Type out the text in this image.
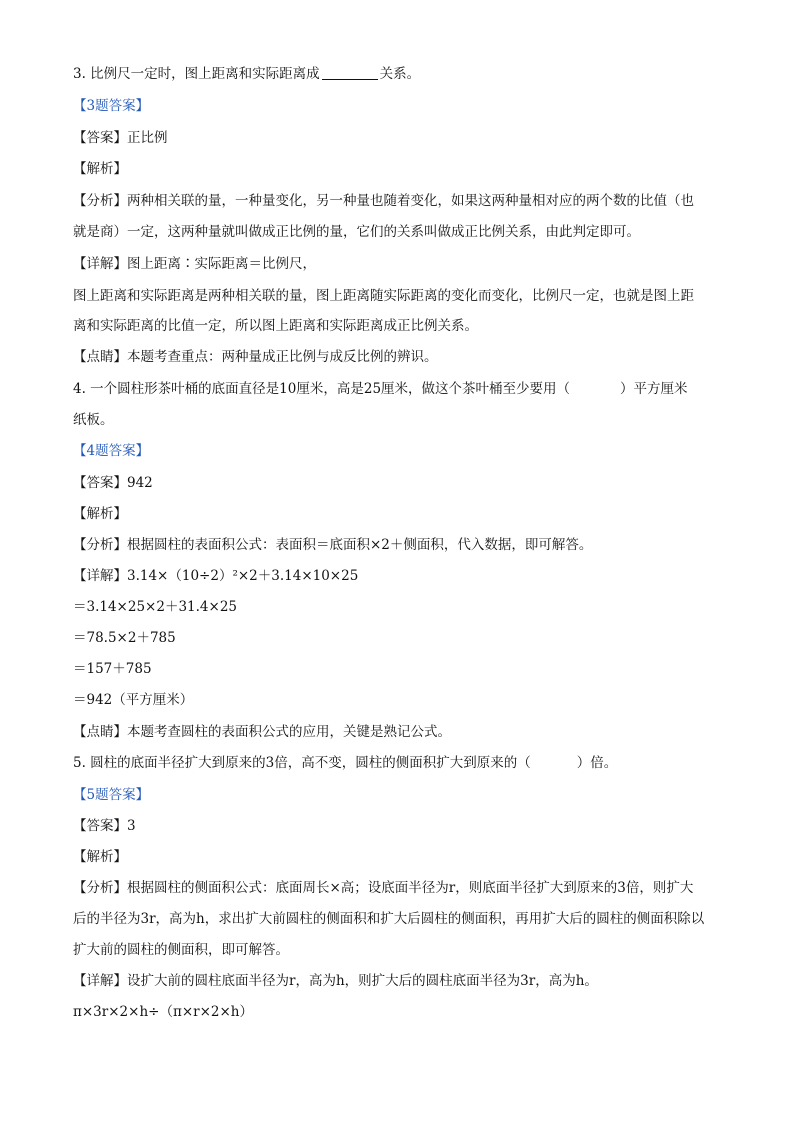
3. 比例尺一定时，图上距离和实际距离成	关系。
【3题答案】
【答案】正比例
【解析】
【分析】两种相关联的量，一种量变化，另一种量也随着变化，如果这两种量相对应的两个数的比值（也
就是商）一定，这两种量就叫做成正比例的量，它们的关系叫做成正比例关系，由此判定即可。
【详解】图上距离∶实际距离＝比例尺，
图上距离和实际距离是两种相关联的量，图上距离随实际距离的变化而变化，比例尺一定，也就是图上距
离和实际距离的比值一定，所以图上距离和实际距离成正比例关系。
【点睛】本题考查重点：两种量成正比例与成反比例的辨识。
4. 一个圆柱形茶叶桶的底面直径是10厘米，高是25厘米，做这个茶叶桶至少要用（	）平方厘米
纸板。
【4题答案】
【答案】942
【解析】
【分析】根据圆柱的表面积公式：表面积＝底面积×2＋侧面积，代入数据，即可解答。
【详解】3.14×（10÷2）²×2＋3.14×10×25
＝3.14×25×2＋31.4×25
＝78.5×2＋785
＝157＋785
＝942（平方厘米）
【点睛】本题考查圆柱的表面积公式的应用，关键是熟记公式。
5. 圆柱的底面半径扩大到原来的3倍，高不变，圆柱的侧面积扩大到原来的（	）倍。
【5题答案】
【答案】3
【解析】
【分析】根据圆柱的侧面积公式：底面周长×高；设底面半径为r，则底面半径扩大到原来的3倍，则扩大
后的半径为3r，高为h，求出扩大前圆柱的侧面积和扩大后圆柱的侧面积，再用扩大后的圆柱的侧面积除以
扩大前的圆柱的侧面积，即可解答。
【详解】设扩大前的圆柱底面半径为r，高为h，则扩大后的圆柱底面半径为3r，高为h。
π×3r×2×h÷（π×r×2×h）
